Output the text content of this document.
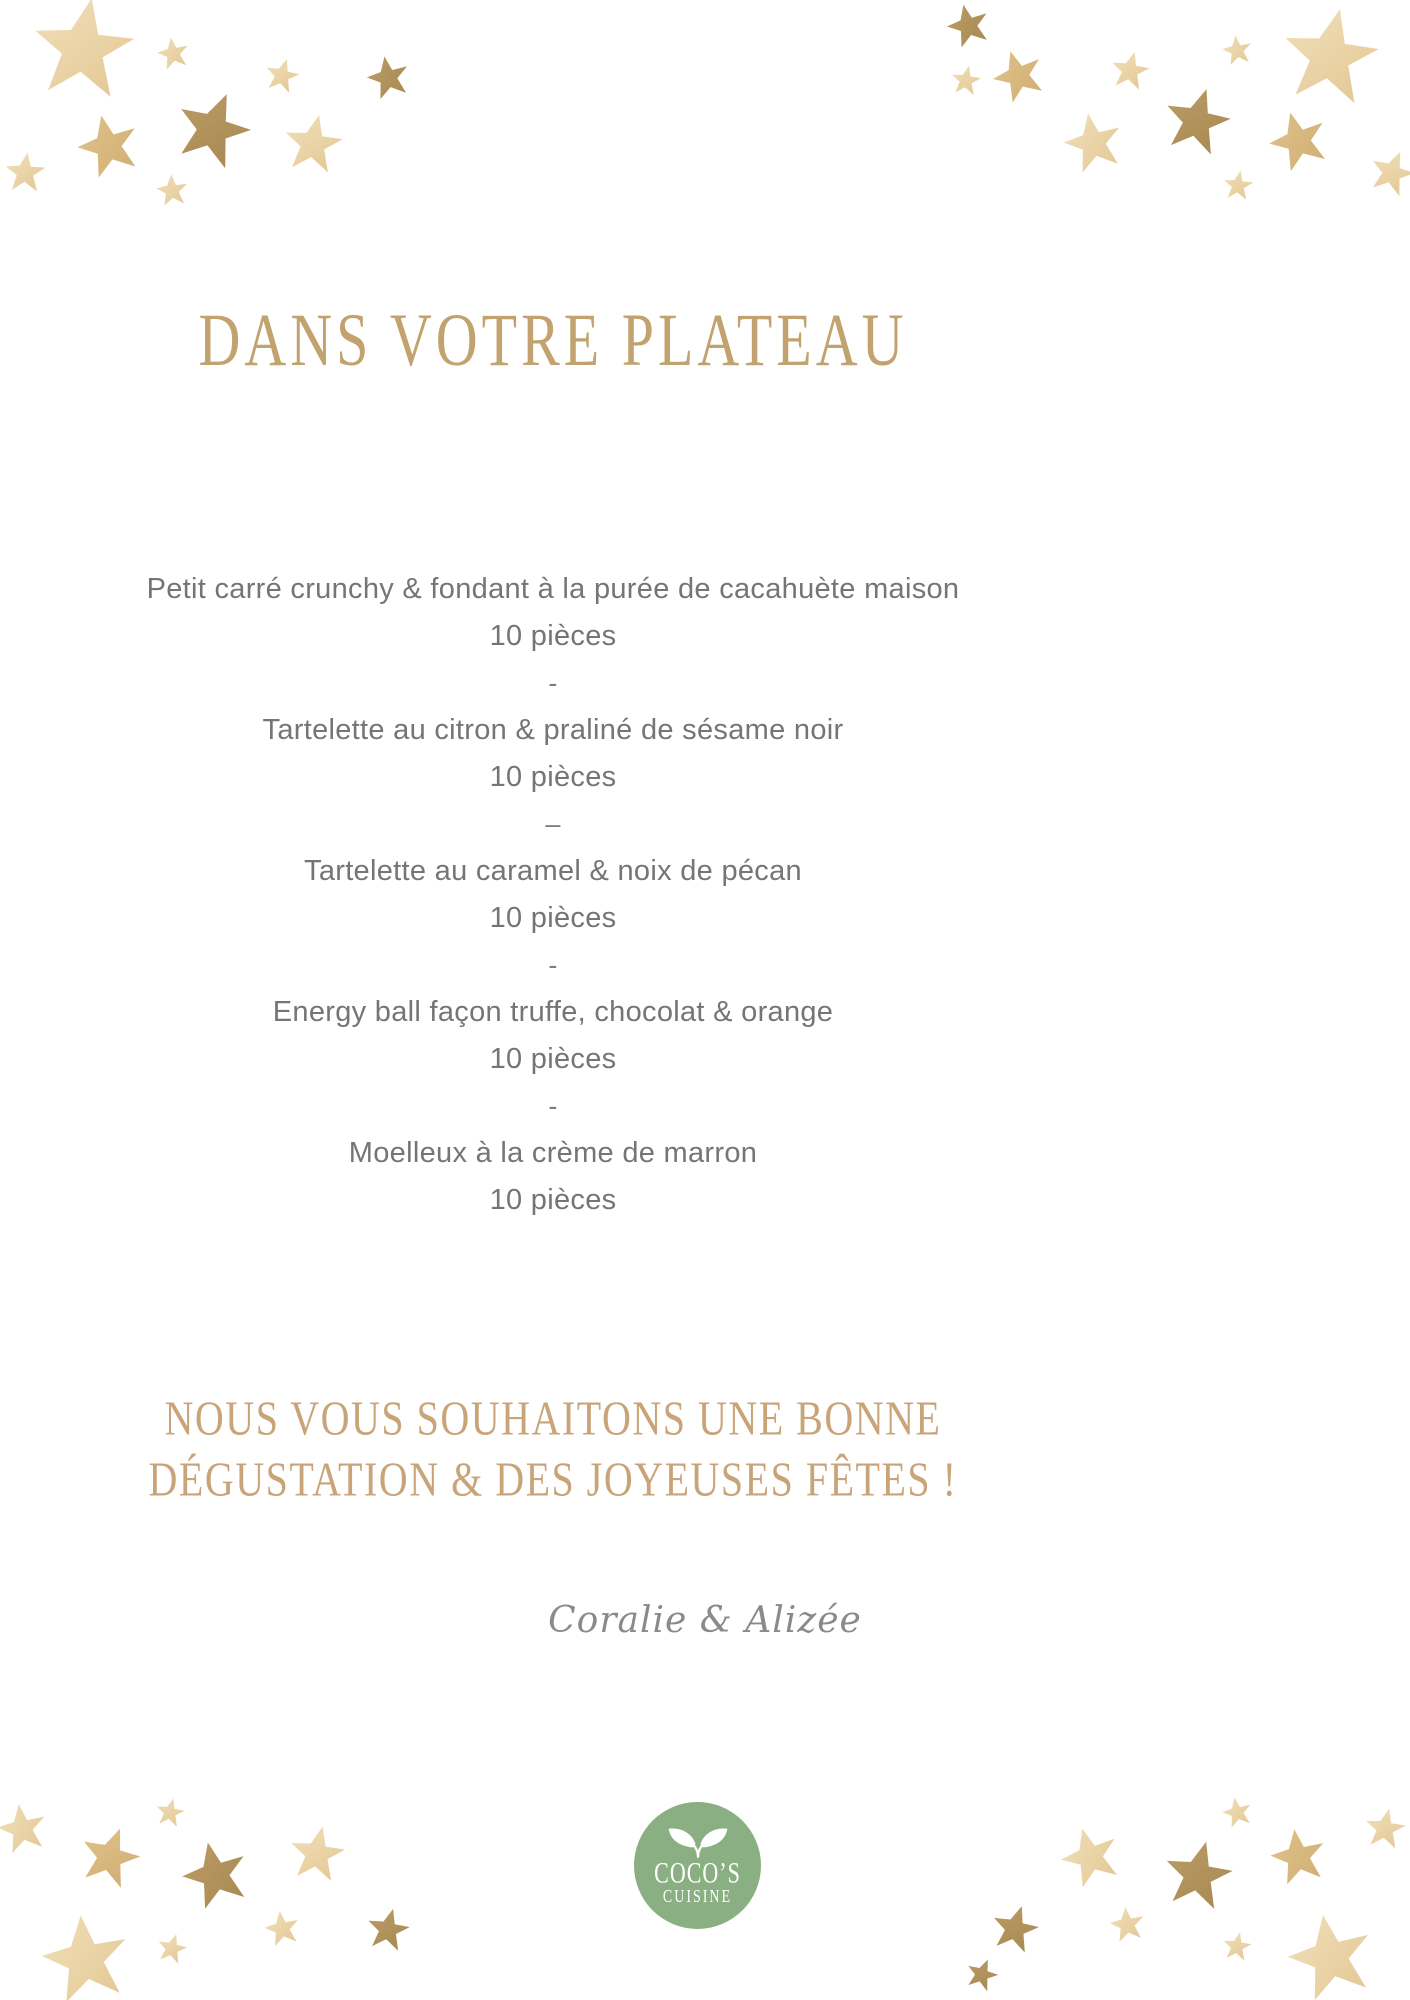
DANS VOTRE PLATEAU
Petit carré crunchy & fondant à la purée de cacahuète maison
10 pièces
-
Tartelette au citron & praliné de sésame noir
10 pièces
–
Tartelette au caramel & noix de pécan
10 pièces
-
Energy ball façon truffe, chocolat & orange
10 pièces
-
Moelleux à la crème de marron
10 pièces
NOUS VOUS SOUHAITONS UNE BONNE
DÉGUSTATION & DES JOYEUSES FÊTES !
Coralie & Alizée
COCO’S
CUISINE
